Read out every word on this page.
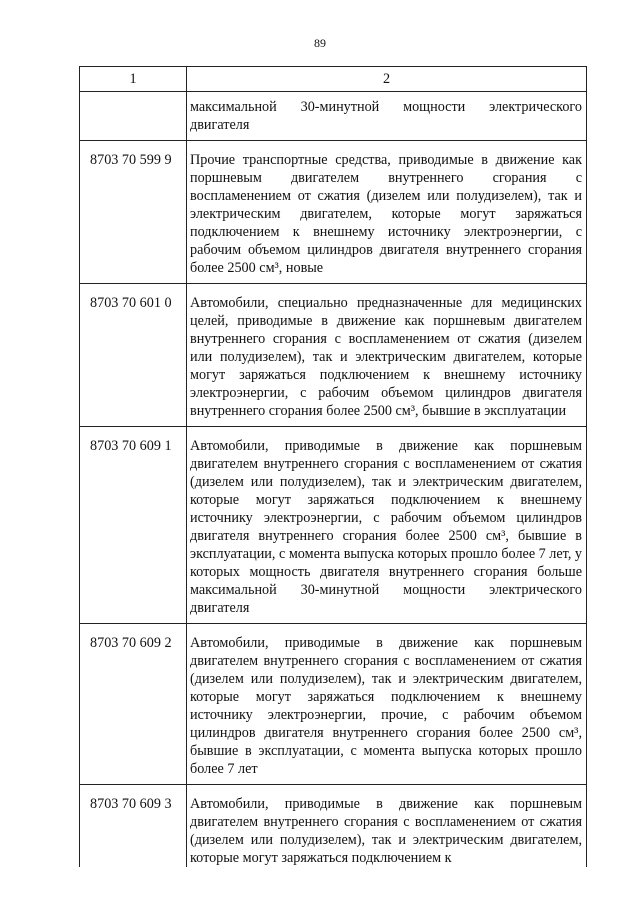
89
1	2
	максимальной 30-минутной мощности электрического двигателя
8703 70 599 9	Прочие транспортные средства, приводимые в движение как поршневым двигателем внутреннего сгорания с воспламенением от сжатия (дизелем или полудизелем), так и электрическим двигателем, которые могут заряжаться подключением к внешнему источнику электроэнергии, с рабочим объемом цилиндров двигателя внутреннего сгорания более 2500 см³, новые
8703 70 601 0	Автомобили, специально предназначенные для медицинских целей, приводимые в движение как поршневым двигателем внутреннего сгорания с воспламенением от сжатия (дизелем или полудизелем), так и электрическим двигателем, которые могут заряжаться подключением к внешнему источнику электроэнергии, с рабочим объемом цилиндров двигателя внутреннего сгорания более 2500 см³, бывшие в эксплуатации
8703 70 609 1	Автомобили, приводимые в движение как поршневым двигателем внутреннего сгорания с воспламенением от сжатия (дизелем или полудизелем), так и электрическим двигателем, которые могут заряжаться подключением к внешнему источнику электроэнергии, с рабочим объемом цилиндров двигателя внутреннего сгорания более 2500 см³, бывшие в эксплуатации, с момента выпуска которых прошло более 7 лет, у которых мощность двигателя внутреннего сгорания больше максимальной 30-минутной мощности электрического двигателя
8703 70 609 2	Автомобили, приводимые в движение как поршневым двигателем внутреннего сгорания с воспламенением от сжатия (дизелем или полудизелем), так и электрическим двигателем, которые могут заряжаться подключением к внешнему источнику электроэнергии, прочие, с рабочим объемом цилиндров двигателя внутреннего сгорания более 2500 см³, бывшие в эксплуатации, с момента выпуска которых прошло более 7 лет
8703 70 609 3	Автомобили, приводимые в движение как поршневым двигателем внутреннего сгорания с воспламенением от сжатия (дизелем или полудизелем), так и электрическим двигателем, которые могут заряжаться подключением к
